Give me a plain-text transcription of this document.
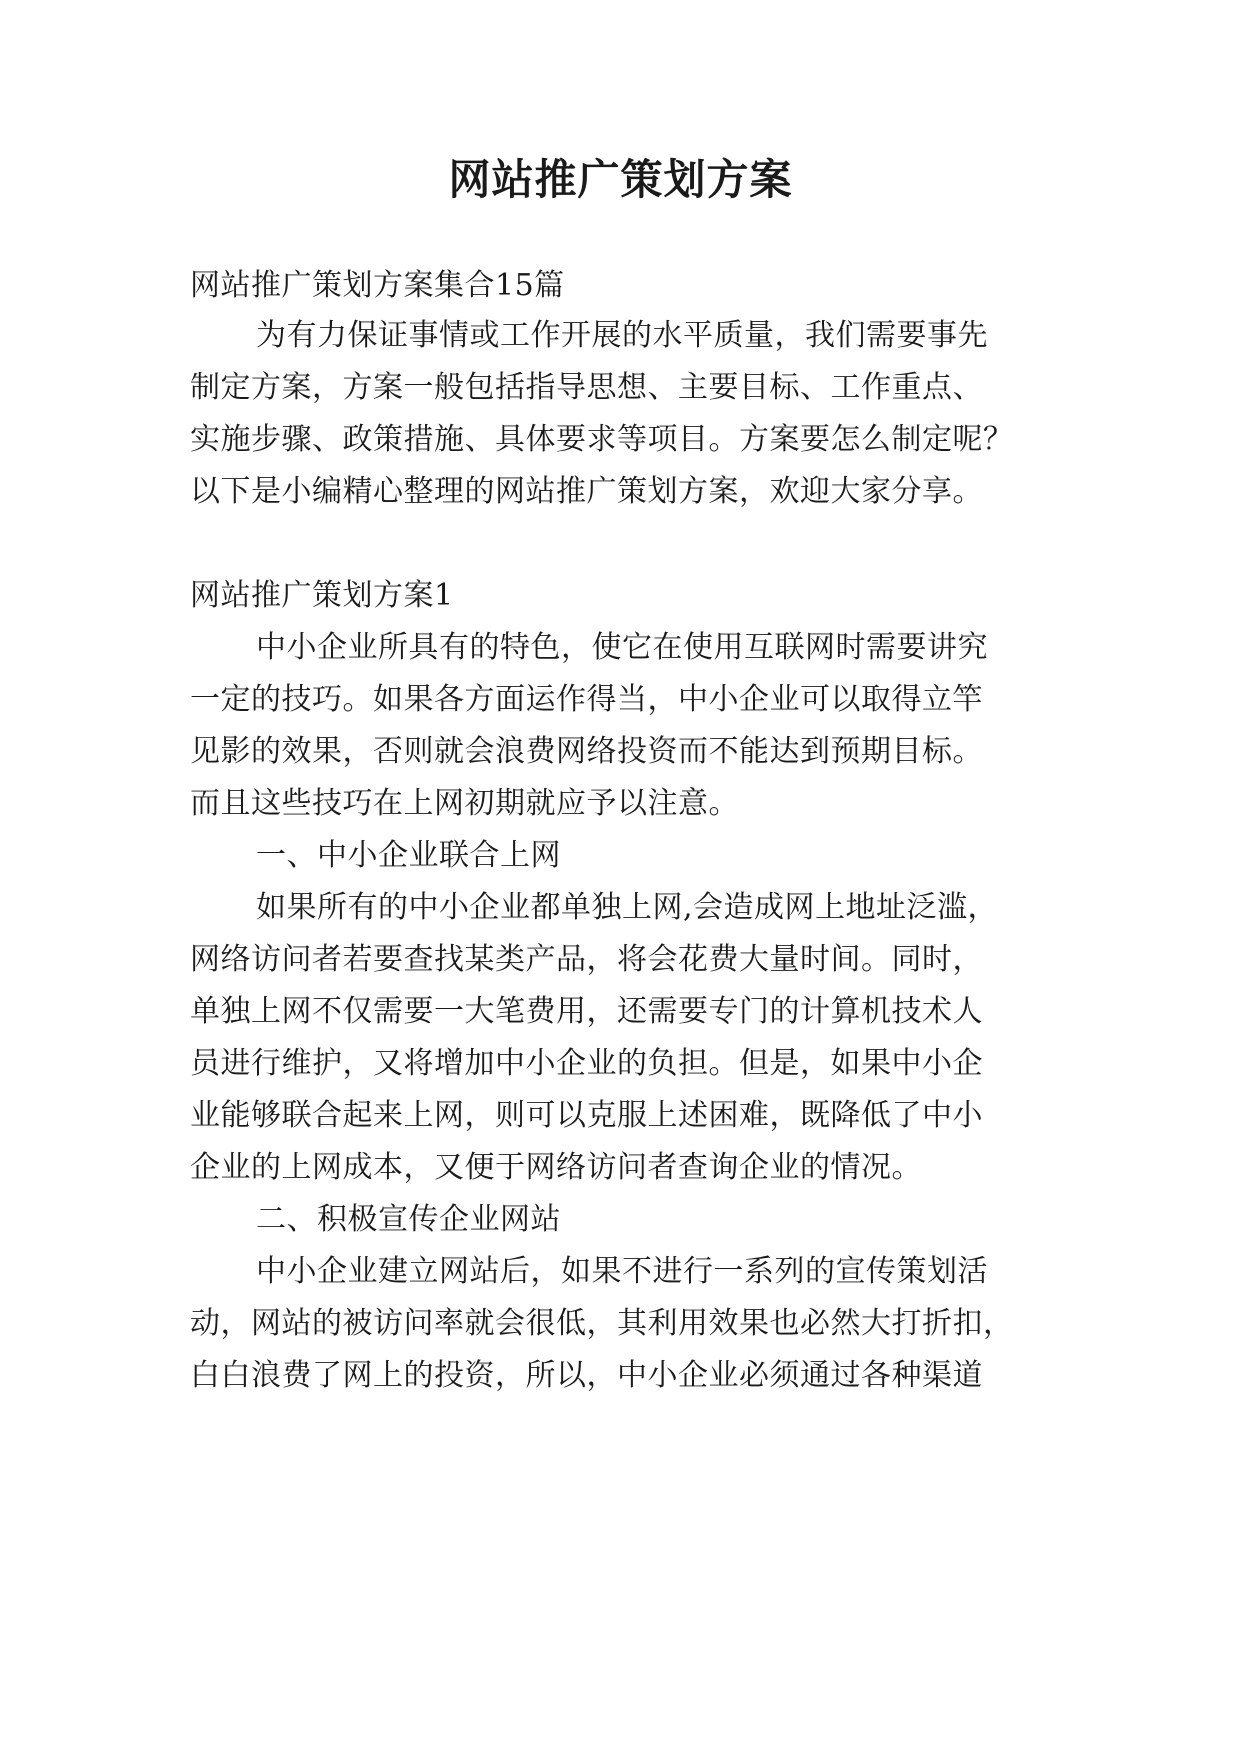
网站推广策划方案
网站推广策划方案集合15篇
为有力保证事情或工作开展的水平质量，我们需要事先
制定方案，方案一般包括指导思想、主要目标、工作重点、
实施步骤、政策措施、具体要求等项目。方案要怎么制定呢？
以下是小编精心整理的网站推广策划方案，欢迎大家分享。
网站推广策划方案1
中小企业所具有的特色，使它在使用互联网时需要讲究
一定的技巧。如果各方面运作得当，中小企业可以取得立竿
见影的效果，否则就会浪费网络投资而不能达到预期目标。
而且这些技巧在上网初期就应予以注意。
一、中小企业联合上网
如果所有的中小企业都单独上网,会造成网上地址泛滥，
网络访问者若要查找某类产品，将会花费大量时间。同时，
单独上网不仅需要一大笔费用，还需要专门的计算机技术人
员进行维护，又将增加中小企业的负担。但是，如果中小企
业能够联合起来上网，则可以克服上述困难，既降低了中小
企业的上网成本，又便于网络访问者查询企业的情况。
二、积极宣传企业网站
中小企业建立网站后，如果不进行一系列的宣传策划活
动，网站的被访问率就会很低，其利用效果也必然大打折扣，
白白浪费了网上的投资，所以，中小企业必须通过各种渠道
